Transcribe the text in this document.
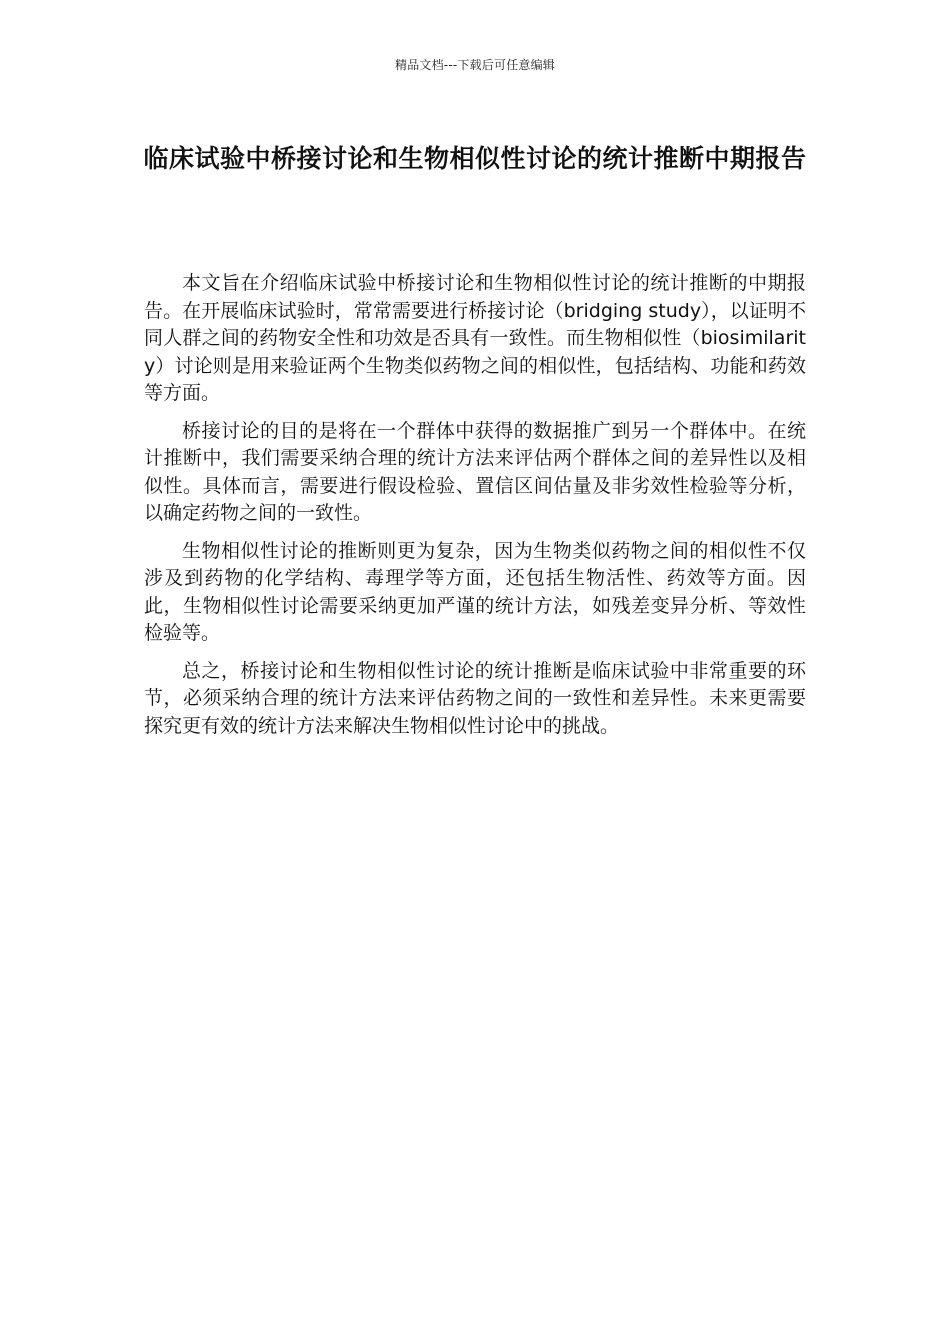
精品文档---下载后可任意编辑
临床试验中桥接讨论和生物相似性讨论的统计推断中期报告

本文旨在介绍临床试验中桥接讨论和生物相似性讨论的统计推断的中期报告。在开展临床试验时，常常需要进行桥接讨论（bridging study），以证明不同人群之间的药物安全性和功效是否具有一致性。而生物相似性（biosimilarity）讨论则是用来验证两个生物类似药物之间的相似性，包括结构、功能和药效等方面。

桥接讨论的目的是将在一个群体中获得的数据推广到另一个群体中。在统计推断中，我们需要采纳合理的统计方法来评估两个群体之间的差异性以及相似性。具体而言，需要进行假设检验、置信区间估量及非劣效性检验等分析，以确定药物之间的一致性。

生物相似性讨论的推断则更为复杂，因为生物类似药物之间的相似性不仅涉及到药物的化学结构、毒理学等方面，还包括生物活性、药效等方面。因此，生物相似性讨论需要采纳更加严谨的统计方法，如残差变异分析、等效性检验等。

总之，桥接讨论和生物相似性讨论的统计推断是临床试验中非常重要的环节，必须采纳合理的统计方法来评估药物之间的一致性和差异性。未来更需要探究更有效的统计方法来解决生物相似性讨论中的挑战。
